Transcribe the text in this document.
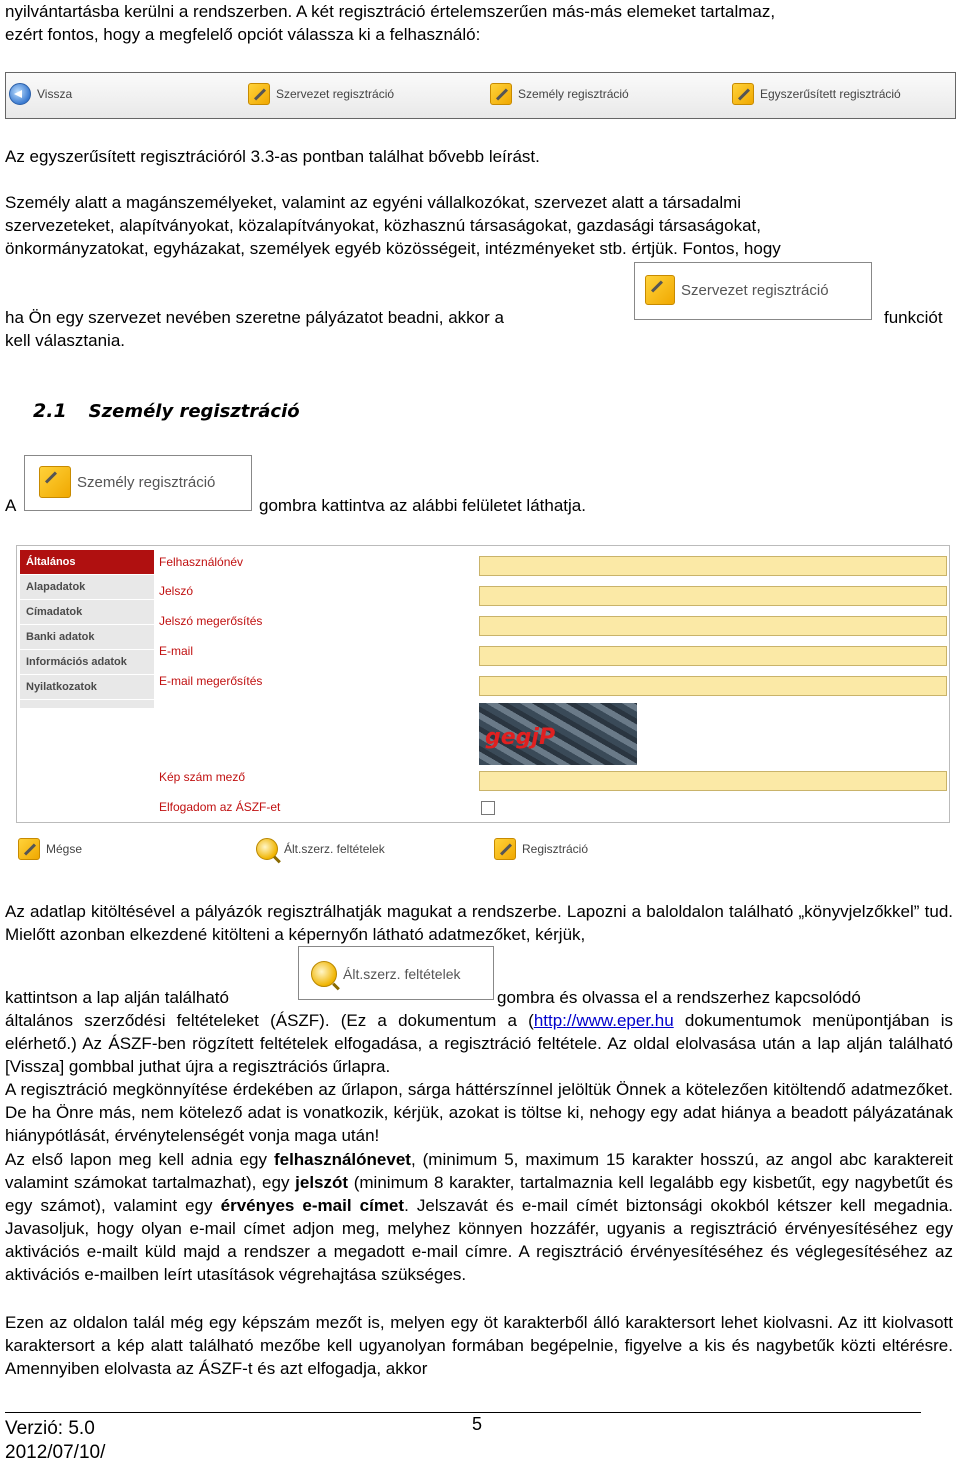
nyilvántartásba kerülni a rendszerben. A két regisztráció értelemszerűen más-más elemeket tartalmaz,

ezért fontos, hogy a megfelelő opciót válassza ki a felhasználó:

Vissza	Szervezet regisztráció	Személy regisztráció	Egyszerűsített regisztráció

Az egyszerűsített regisztrációról 3.3-as pontban találhat bővebb leírást.

Személy alatt a magánszemélyeket, valamint az egyéni vállalkozókat, szervezet alatt a társadalmi

szervezeteket, alapítványokat, közalapítványokat, közhasznú társaságokat, gazdasági társaságokat,

önkormányzatokat, egyházakat, személyek egyéb közösségeit, intézményeket stb. értjük. Fontos, hogy

ha Ön egy szervezet nevében szeretne pályázatot beadni, akkor a	funkciót

kell választania.

Szervezet regisztráció
2.1 Személy regisztráció
A
Személy regisztráció
gombra kattintva az alábbi felületet láthatja.
Általános
Alapadatok
Címadatok
Banki adatok
Információs adatok
Nyilatkozatok
Felhasználónév
Jelszó
Jelszó megerősítés
E-mail
E-mail megerősítés
Kép szám mező
Elfogadom az ÁSZF-et
gegjP
Mégse	Ált.szerz. feltételek	Regisztráció

Az adatlap kitöltésével a pályázók regisztrálhatják magukat a rendszerbe. Lapozni a baloldalon található „könyvjelzőkkel” tud. Mielőtt azonban elkezdené kitölteni a képernyőn látható adatmezőket, kérjük,

kattintson a lap alján található
Ált.szerz. feltételek
gombra és olvassa el a rendszerhez kapcsolódó

általános szerződési feltételeket (ÁSZF). (Ez a dokumentum a (http://www.eper.hu dokumentumok menüpontjában is elérhető.) Az ÁSZF-ben rögzített feltételek elfogadása, a regisztráció feltétele. Az oldal elolvasása után a lap alján található [Vissza] gombbal juthat újra a regisztrációs űrlapra.

A regisztráció megkönnyítése érdekében az űrlapon, sárga háttérszínnel jelöltük Önnek a kötelezően kitöltendő adatmezőket. De ha Önre más, nem kötelező adat is vonatkozik, kérjük, azokat is töltse ki, nehogy egy adat hiánya a beadott pályázatának hiánypótlását, érvénytelenségét vonja maga után!

Az első lapon meg kell adnia egy felhasználónevet, (minimum 5, maximum 15 karakter hosszú, az angol abc karaktereit valamint számokat tartalmazhat), egy jelszót (minimum 8 karakter, tartalmaznia kell legalább egy kisbetűt, egy nagybetűt és egy számot), valamint egy érvényes e-mail címet. Jelszavát és e-mail címét biztonsági okokból kétszer kell megadnia. Javasoljuk, hogy olyan e-mail címet adjon meg, melyhez könnyen hozzáfér, ugyanis a regisztráció érvényesítéséhez egy aktivációs e-mailt küld majd a rendszer a megadott e-mail címre. A regisztráció érvényesítéséhez és véglegesítéséhez az aktivációs e-mailben leírt utasítások végrehajtása szükséges.

Ezen az oldalon talál még egy képszám mezőt is, melyen egy öt karakterből álló karaktersort lehet kiolvasni. Az itt kiolvasott karaktersort a kép alatt található mezőbe kell ugyanolyan formában begépelnie, figyelve a kis és nagybetűk közti eltérésre. Amennyiben elolvasta az ÁSZF-t és azt elfogadja, akkor

Verzió: 5.0
2012/07/10/
5
